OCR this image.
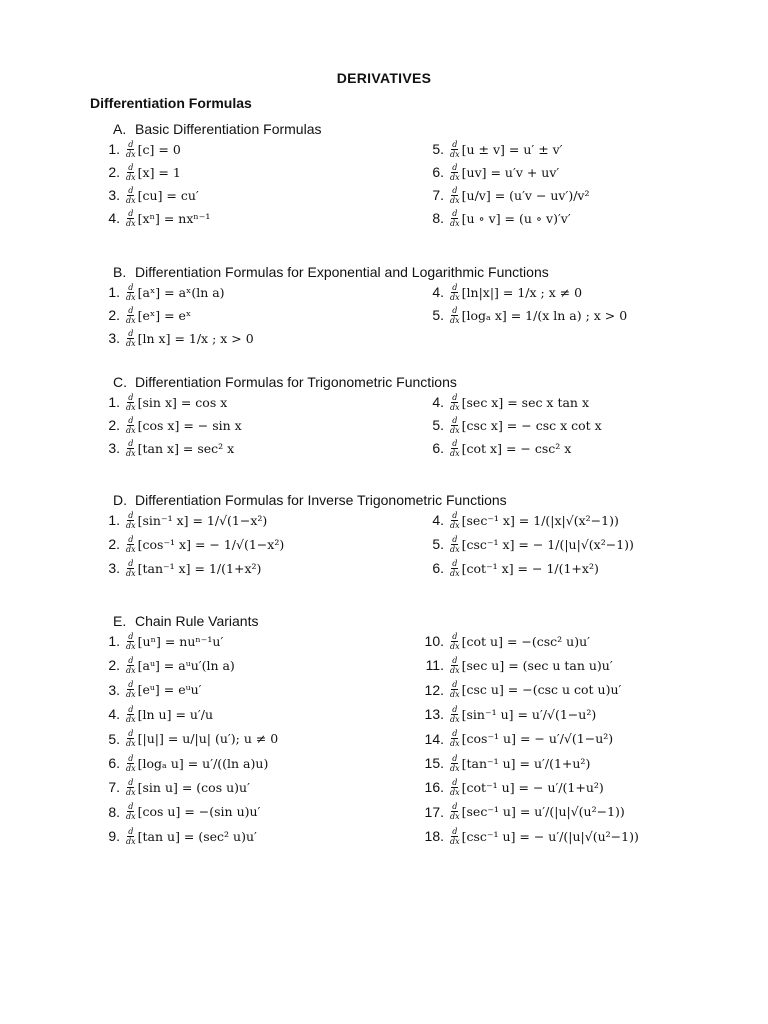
DERIVATIVES
Differentiation Formulas
A. Basic Differentiation Formulas
1. $\frac{d}{dx} [c] = 0$
2. $\frac{d}{dx} [x] = 1$
3. $\frac{d}{dx} [cu] = cu'$
4. $\frac{d}{dx} [x^n] = nx^{n-1}$
5. $\frac{d}{dx} [u \pm v] = u' \pm v'$
6. $\frac{d}{dx} [uv] = u'v + uv'$
7. $\frac{d}{dx} [u/v] = (u'v - uv')/v^2$
8. $\frac{d}{dx} [u$ ∘ v] = (u ∘ v)′v′
B. Differentiation Formulas for Exponential and Logarithmic Functions
1. $\frac{d}{dx}$ [aˣ] = aˣ(ln a)
2. $\frac{d}{dx}$ [eˣ] = eˣ
3. $\frac{d}{dx} [\ln$ x] = 1/x ; x > 0
4. $\frac{d}{dx} [\ln|x|] = 1/x$ ; x ≠ 0
5. $\frac{d}{dx} [\log_a$ x] = 1/(x ln a) ; x > 0
C. Differentiation Formulas for Trigonometric Functions
1. $\frac{d}{dx} [\sin$ x] = cos x
2. $\frac{d}{dx} [\cos$ x] = − sin x
3. $\frac{d}{dx} [\tan$ x] = sec² x
4. $\frac{d}{dx} [\sec$ x] = sec x tan x
5. $\frac{d}{dx} [\csc$ x] = − csc x cot x
6. $\frac{d}{dx} [\cot$ x] = − csc² x
D. Differentiation Formulas for Inverse Trigonometric Functions
1. $\frac{d}{dx} [\sin^{-1}$ x] = 1/√(1−x²)
2. $\frac{d}{dx} [\cos^{-1}$ x] = − 1/√(1−x²)
3. $\frac{d}{dx} [\tan^{-1}$ x] = 1/(1+x²)
4. $\frac{d}{dx} [\sec^{-1}$ x] = 1/(|x|√(x²−1))
5. $\frac{d}{dx} [\csc^{-1}$ x] = − 1/(|u|√(x²−1))
6. $\frac{d}{dx} [\cot^{-1}$ x] = − 1/(1+x²)
E. Chain Rule Variants
1. $\frac{d}{dx} [u^n] = nu^{n-1}u'$
2. $\frac{d}{dx}$ [aᵘ] = aᵘu′(ln a)
3. $\frac{d}{dx}$ [eᵘ] = eᵘu′
4. $\frac{d}{dx} [\ln$ u] = u′/u
5. $\frac{d}{dx} [|u|] = u/|u|$ (u′); u ≠ 0
6. $\frac{d}{dx} [\log_a$ u] = u′/((ln a)u)
7. $\frac{d}{dx} [\sin$ u] = (cos u)u′
8. $\frac{d}{dx} [\cos$ u] = −(sin u)u′
9. $\frac{d}{dx} [\tan$ u] = (sec² u)u′
10. $\frac{d}{dx} [\cot$ u] = −(csc² u)u′
11. $\frac{d}{dx} [\sec$ u] = (sec u tan u)u′
12. $\frac{d}{dx} [\csc$ u] = −(csc u cot u)u′
13. $\frac{d}{dx} [\sin^{-1}$ u] = u′/√(1−u²)
14. $\frac{d}{dx} [\cos^{-1}$ u] = − u′/√(1−u²)
15. $\frac{d}{dx} [\tan^{-1}$ u] = u′/(1+u²)
16. $\frac{d}{dx} [\cot^{-1}$ u] = − u′/(1+u²)
17. $\frac{d}{dx} [\sec^{-1}$ u] = u′/(|u|√(u²−1))
18. $\frac{d}{dx} [\csc^{-1}$ u] = − u′/(|u|√(u²−1))
